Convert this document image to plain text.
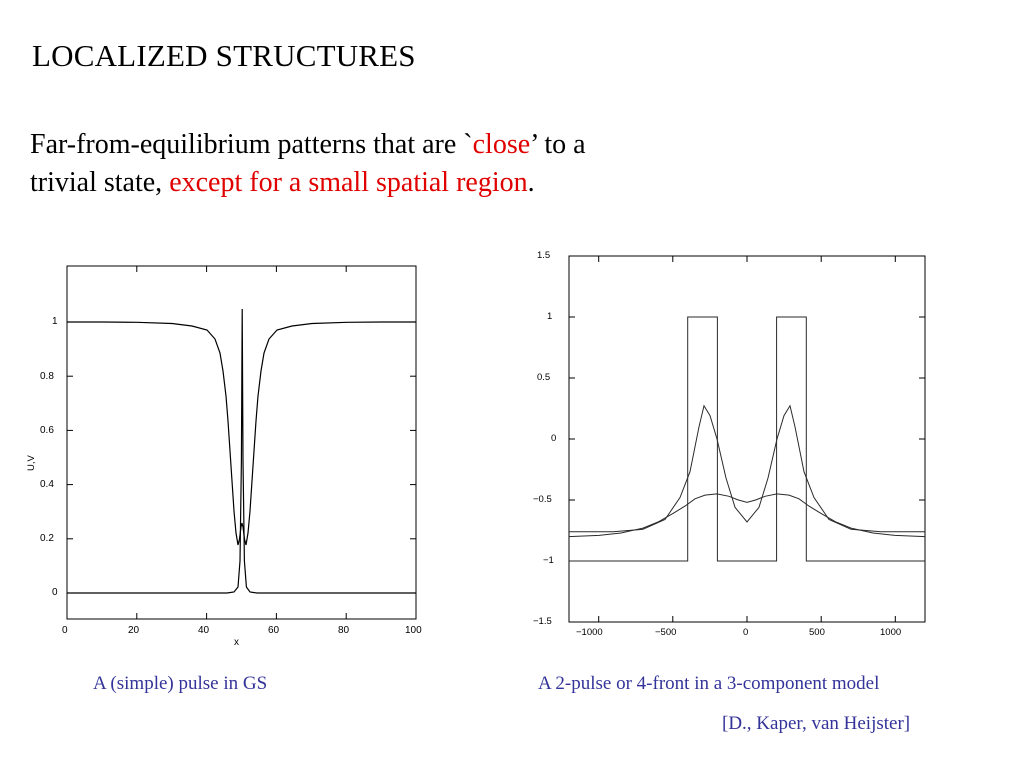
LOCALIZED STRUCTURES
Far-from-equilibrium patterns that are `close’ to a
trivial state, except for a small spatial region.
0	20	40	60	80	100
0
0.2
0.4
0.6
0.8
1
x
U,V
1.5
1
0.5
0
−0.5
−1
−1.5
−1000	−500	0	500	1000
A (simple) pulse in GS	A 2-pulse or 4-front in a 3-component model
[D., Kaper, van Heijster]
